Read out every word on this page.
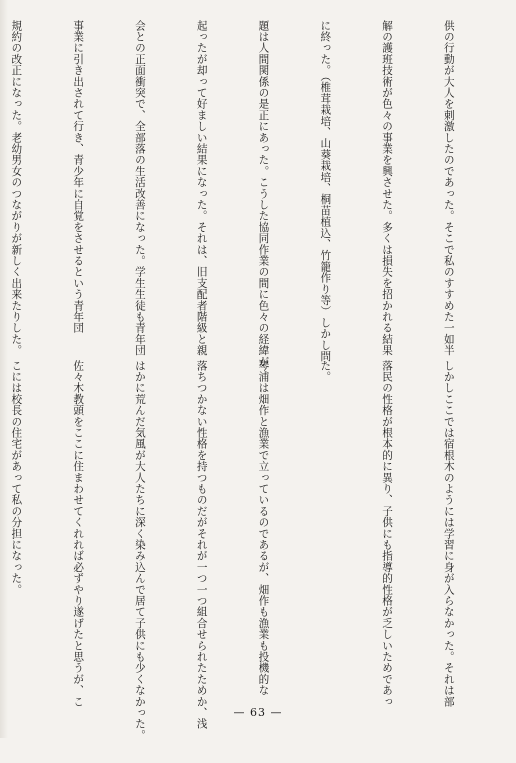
供の行動が大人を刺激したのであった。そこで私のすすめた一如半

解の護班技術が色々の事業を興させた。多くは損失を招かれる結果

に終った。（椎茸栽培、山葵栽培、桐苗植込、竹籠作り等）しかし問

題は人間関係の是正にあった。こうした協同作業の間に色々の経緯が

起ったが却って好ましい結果になった。それは、旧支配者階級と親

会との正面衝突で、全部落の生活改善になった。学生生徒も青年団

事業に引き出されて行き、青少年に自覚をさせるという青年団

規約の改正になった。老幼男女のつながりが新しく出来たりした。

しかしここでは宿根木のようには学習に身が入らなかった。それは部

落民の性格が根本的に異り、子供にも指導的性格が乏しいためであっ

た。

琴浦は畑作と漁業で立っているのであるが、畑作も漁業も投機的な

落ちつかない性格を持つものだがそれが一つ一つ組合せられたためか、浅

はかに荒んだ気風が大人たちに深く染み込んで居て子供にも少くなかった。

佐々木教頭をここに住まわせてくれれば必ずやり遂げたと思うが、こ

こには校長の住宅があって私の分担になった。

— 63 —
